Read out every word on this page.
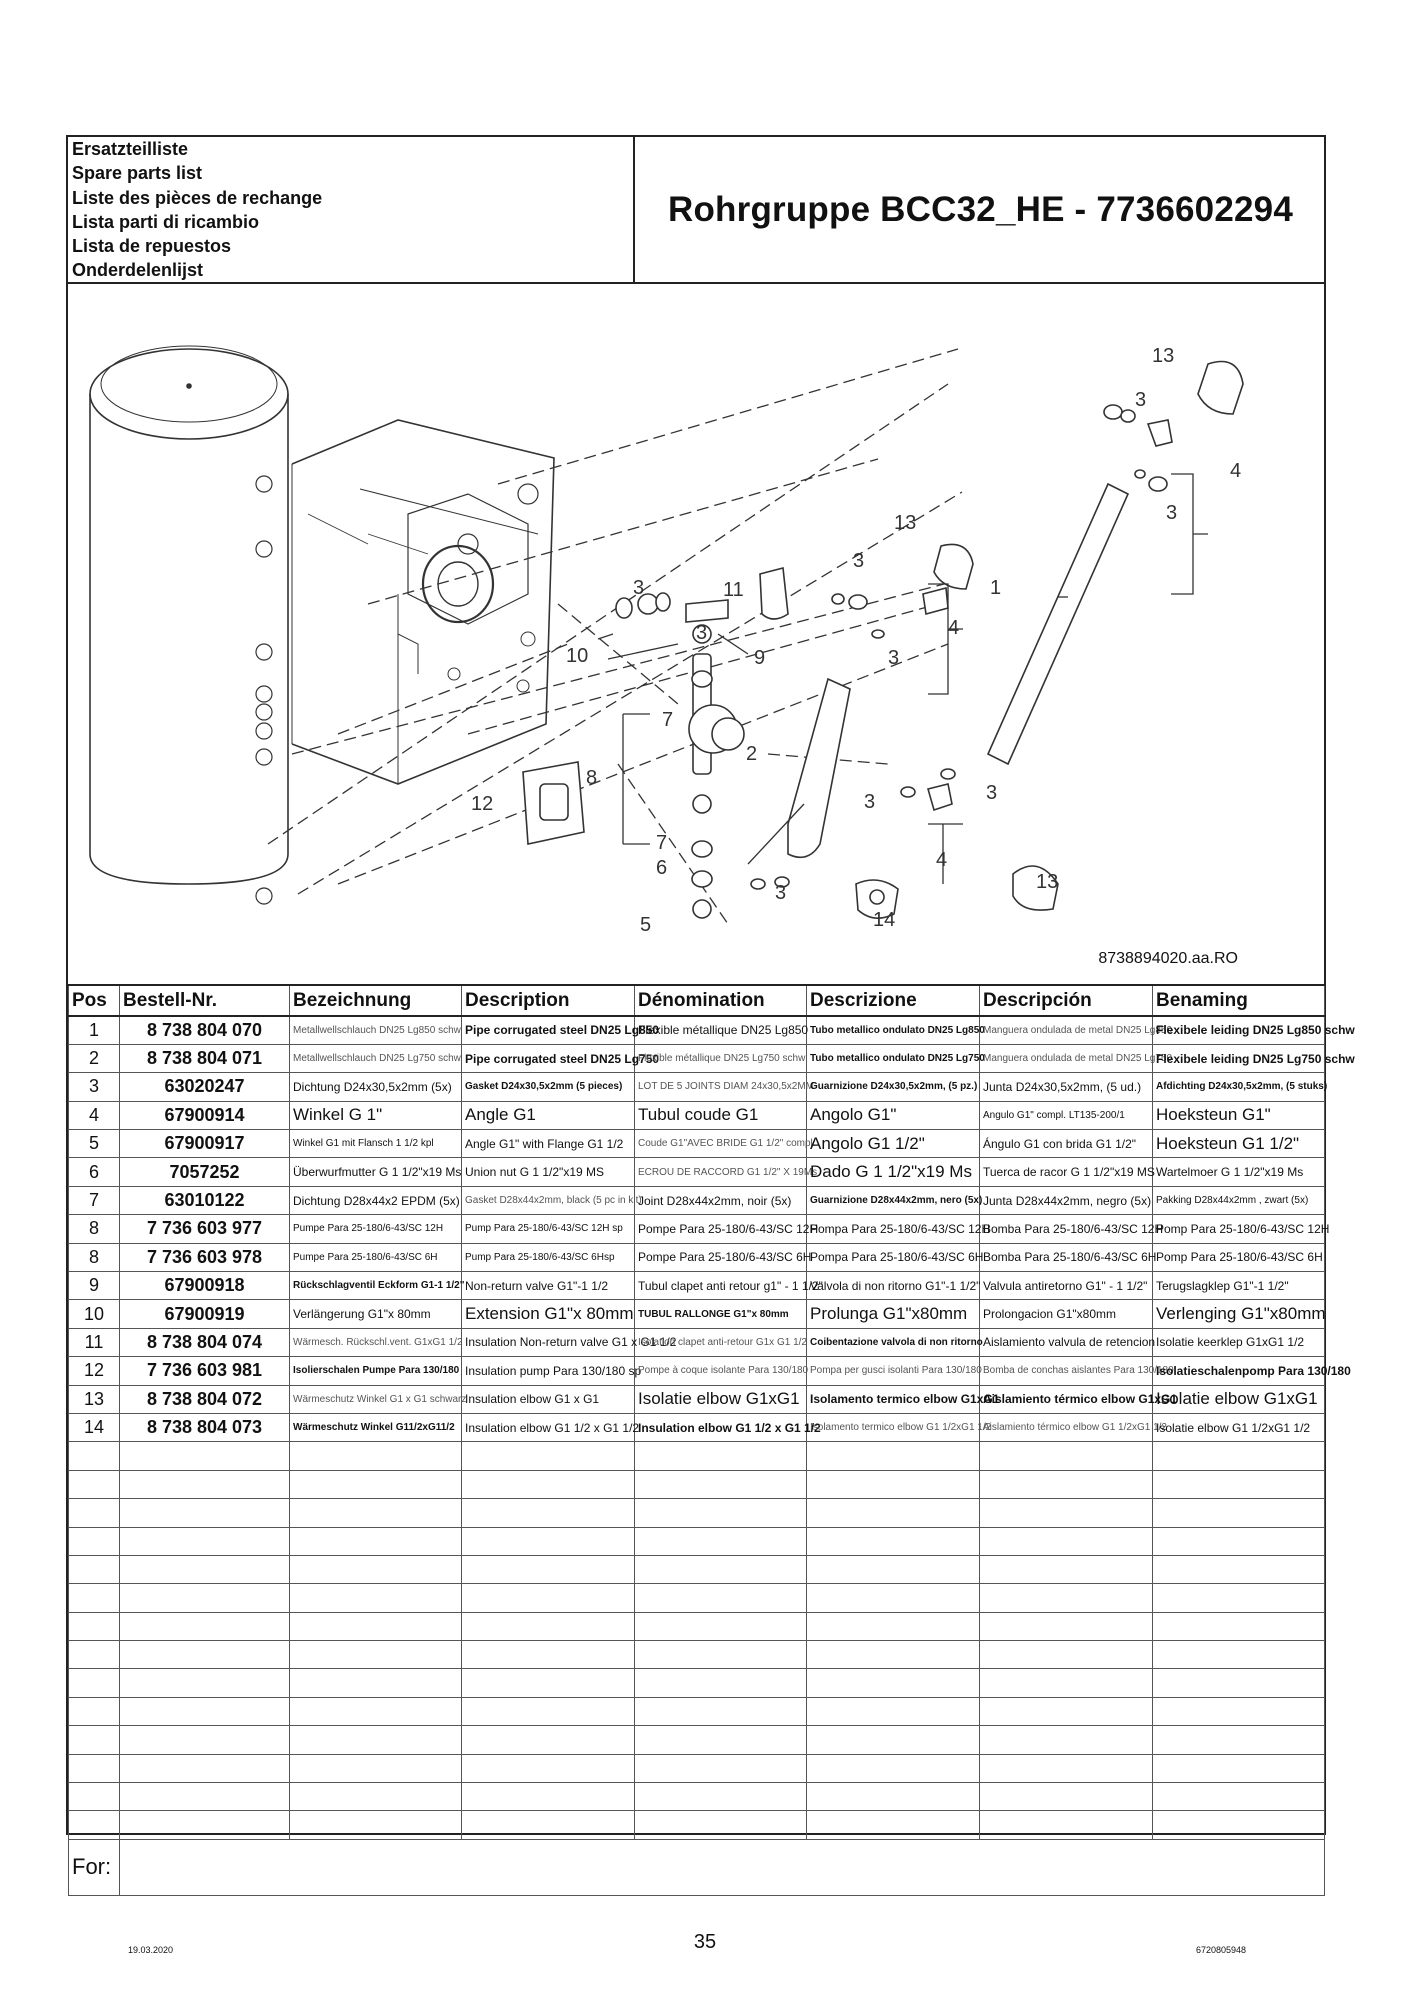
Ersatzteilliste
Spare parts list
Liste des pièces de rechange
Lista parti di ricambio
Lista de repuestos
Onderdelenlijst
Rohrgruppe BCC32_HE - 7736602294
13
3
4
3
13
3
1
4
3
3	11
3
9
10
7
2
8
12	3	3
7
6	4
13
3
14
5
8738894020.aa.RO
Pos	Bestell-Nr.	Bezeichnung	Description	Dénomination	Descrizione	Descripción	Benaming
1	8 738 804 070	Metallwellschlauch DN25 Lg850 schw	Pipe corrugated steel DN25 Lg850	Flexible métallique DN25 Lg850	Tubo metallico ondulato DN25 Lg850	Manguera ondulada de metal DN25 Lg850	Flexibele leiding DN25 Lg850 schw
2	8 738 804 071	Metallwellschlauch DN25 Lg750 schw	Pipe corrugated steel DN25 Lg750	Flexible métallique DN25 Lg750 schw	Tubo metallico ondulato DN25 Lg750	Manguera ondulada de metal DN25 Lg750	Flexibele leiding DN25 Lg750 schw
3	63020247	Dichtung D24x30,5x2mm (5x)	Gasket D24x30,5x2mm (5 pieces)	LOT DE 5 JOINTS DIAM 24x30,5x2MM	Guarnizione D24x30,5x2mm, (5 pz.)	Junta D24x30,5x2mm, (5 ud.)	Afdichting D24x30,5x2mm, (5 stuks)
4	67900914	Winkel G 1"	Angle G1	Tubul coude G1	Angolo G1"	Angulo G1" compl. LT135-200/1	Hoeksteun G1"
5	67900917	Winkel G1 mit Flansch 1 1/2 kpl	Angle G1" with Flange G1 1/2	Coude G1"AVEC BRIDE G1 1/2" compl.	Angolo G1 1/2"	Ángulo G1 con brida G1 1/2"	Hoeksteun G1 1/2"
6	7057252	Überwurfmutter G 1 1/2"x19 Ms	Union nut G 1 1/2"x19 MS	ECROU DE RACCORD G1 1/2" X 19Ms	Dado G 1 1/2"x19 Ms	Tuerca de racor G 1 1/2"x19 MS	Wartelmoer G 1 1/2"x19 Ms
7	63010122	Dichtung D28x44x2 EPDM (5x)	Gasket D28x44x2mm, black (5 pc in kit)	Joint D28x44x2mm, noir (5x)	Guarnizione D28x44x2mm, nero (5x)	Junta D28x44x2mm, negro (5x)	Pakking D28x44x2mm , zwart (5x)
8	7 736 603 977	Pumpe Para 25-180/6-43/SC 12H	Pump Para 25-180/6-43/SC 12H sp	Pompe Para 25-180/6-43/SC 12H	Pompa Para 25-180/6-43/SC 12H	Bomba Para 25-180/6-43/SC 12H	Pomp Para 25-180/6-43/SC 12H
8	7 736 603 978	Pumpe Para 25-180/6-43/SC 6H	Pump Para 25-180/6-43/SC 6Hsp	Pompe Para 25-180/6-43/SC 6H	Pompa Para 25-180/6-43/SC 6H	Bomba Para 25-180/6-43/SC 6H	Pomp Para 25-180/6-43/SC 6H
9	67900918	Rückschlagventil Eckform G1-1 1/2"	Non-return valve G1"-1 1/2	Tubul clapet anti retour g1" - 1 1/2"	Valvola di non ritorno G1"-1 1/2"	Valvula antiretorno G1" - 1 1/2"	Terugslagklep G1"-1 1/2"
10	67900919	Verlängerung G1"x 80mm	Extension G1"x 80mm	TUBUL RALLONGE G1"x 80mm	Prolunga G1"x80mm	Prolongacion G1"x80mm	Verlenging G1"x80mm
11	8 738 804 074	Wärmesch. Rückschl.vent. G1xG1 1/2	Insulation Non-return valve G1 x G1 1/2	Isolation clapet anti-retour G1x G1 1/2	Coibentazione valvola di non ritorno	Aislamiento valvula de retencion	Isolatie keerklep G1xG1 1/2
12	7 736 603 981	Isolierschalen Pumpe Para 130/180	Insulation pump Para 130/180 sp	Pompe à coque isolante Para 130/180	Pompa per gusci isolanti Para 130/180	Bomba de conchas aislantes Para 130/180	Isolatieschalenpomp Para 130/180
13	8 738 804 072	Wärmeschutz Winkel G1 x G1 schwarz	Insulation elbow G1 x G1	Isolatie elbow G1xG1	Isolamento termico elbow G1xG1	Aislamiento térmico elbow G1xG1	Isolatie elbow G1xG1
14	8 738 804 073	Wärmeschutz Winkel G11/2xG11/2	Insulation elbow G1 1/2 x G1 1/2	Insulation elbow G1 1/2 x G1 1/2	Isolamento termico elbow G1 1/2xG1 1/2	Aislamiento térmico elbow G1 1/2xG1 1/2	Isolatie elbow G1 1/2xG1 1/2

For:							
19.03.2020	35	6720805948
